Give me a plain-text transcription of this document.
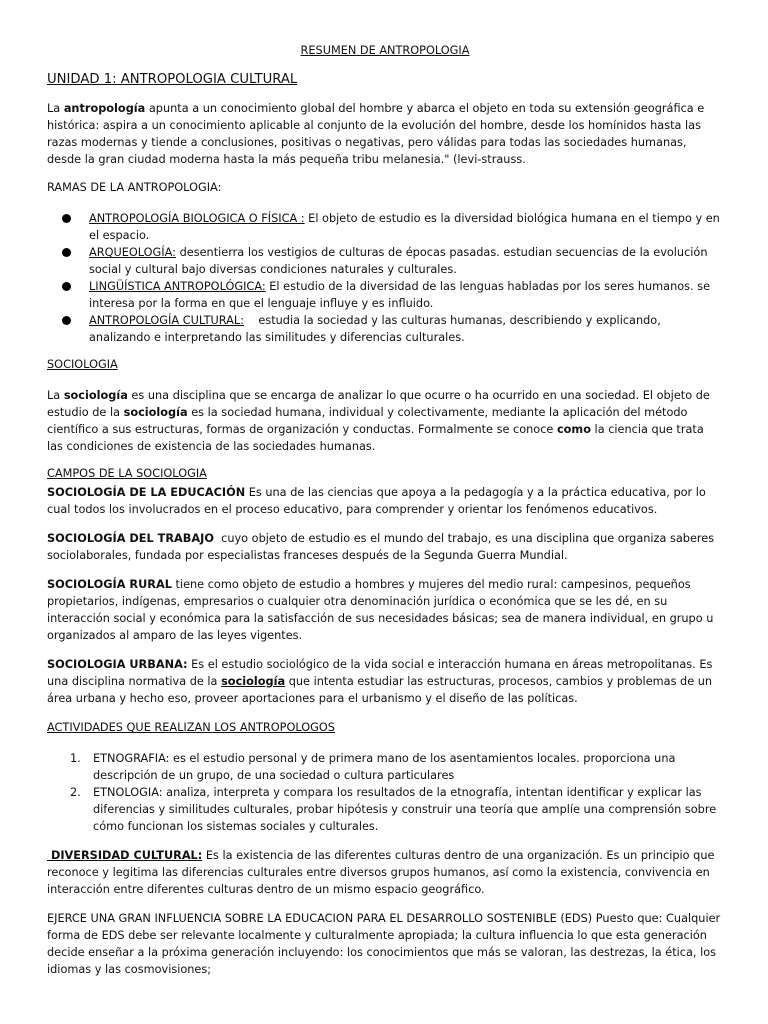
RESUMEN DE ANTROPOLOGIA
UNIDAD 1: ANTROPOLOGIA CULTURAL

La antropología apunta a un conocimiento global del hombre y abarca el objeto en toda su extensión geográfica e histórica: aspira a un conocimiento aplicable al conjunto de la evolución del hombre, desde los homínidos hasta las razas modernas y tiende a conclusiones, positivas o negativas, pero válidas para todas las sociedades humanas, desde la gran ciudad moderna hasta la más pequeña tribu melanesia." (levi-strauss.

RAMAS DE LA ANTROPOLOGIA:
ANTROPOLOGÍA BIOLOGICA O FÍSICA : El objeto de estudio es la diversidad biológica humana en el tiempo y en el espacio.
ARQUEOLOGÍA: desentierra los vestigios de culturas de épocas pasadas. estudian secuencias de la evolución social y cultural bajo diversas condiciones naturales y culturales.
LINGÜÍSTICA ANTROPOLÓGICA: El estudio de la diversidad de las lenguas habladas por los seres humanos. se interesa por la forma en que el lenguaje influye y es influido.
ANTROPOLOGÍA CULTURAL:    estudia la sociedad y las culturas humanas, describiendo y explicando, analizando e interpretando las similitudes y diferencias culturales.
SOCIOLOGIA

La sociología es una disciplina que se encarga de analizar lo que ocurre o ha ocurrido en una sociedad. El objeto de estudio de la sociología es la sociedad humana, individual y colectivamente, mediante la aplicación del método científico a sus estructuras, formas de organización y conductas. Formalmente se conoce como la ciencia que trata las condiciones de existencia de las sociedades humanas.

CAMPOS DE LA SOCIOLOGIA

SOCIOLOGÍA DE LA EDUCACIÓN Es una de las ciencias que apoya a la pedagogía y a la práctica educativa, por lo cual todos los involucrados en el proceso educativo, para comprender y orientar los fenómenos educativos.

SOCIOLOGÍA DEL TRABAJO  cuyo objeto de estudio es el mundo del trabajo, es una disciplina que organiza saberes sociolaborales, fundada por especialistas franceses después de la Segunda Guerra Mundial.

SOCIOLOGÍA RURAL tiene como objeto de estudio a hombres y mujeres del medio rural: campesinos, pequeños propietarios, indígenas, empresarios o cualquier otra denominación jurídica o económica que se les dé, en su interacción social y económica para la satisfacción de sus necesidades básicas; sea de manera individual, en grupo u organizados al amparo de las leyes vigentes.

SOCIOLOGIA URBANA: Es el estudio sociológico de la vida social e interacción humana en áreas metropolitanas. Es una disciplina normativa de la sociología que intenta estudiar las estructuras, procesos, cambios y problemas de un área urbana y hecho eso, proveer aportaciones para el urbanismo y el diseño de las políticas.

ACTIVIDADES QUE REALIZAN LOS ANTROPOLOGOS
1. ETNOGRAFIA: es el estudio personal y de primera mano de los asentamientos locales. proporciona una descripción de un grupo, de una sociedad o cultura particulares
2. ETNOLOGIA: analiza, interpreta y compara los resultados de la etnografía, intentan identificar y explicar las diferencias y similitudes culturales, probar hipótesis y construir una teoría que amplíe una comprensión sobre cómo funcionan los sistemas sociales y culturales.

DIVERSIDAD CULTURAL: Es la existencia de las diferentes culturas dentro de una organización. Es un principio que reconoce y legitima las diferencias culturales entre diversos grupos humanos, así como la existencia, convivencia en interacción entre diferentes culturas dentro de un mismo espacio geográfico.

EJERCE UNA GRAN INFLUENCIA SOBRE LA EDUCACION PARA EL DESARROLLO SOSTENIBLE (EDS) Puesto que: Cualquier forma de EDS debe ser relevante localmente y culturalmente apropiada; la cultura influencia lo que esta generación decide enseñar a la próxima generación incluyendo: los conocimientos que más se valoran, las destrezas, la ética, los idiomas y las cosmovisiones;
